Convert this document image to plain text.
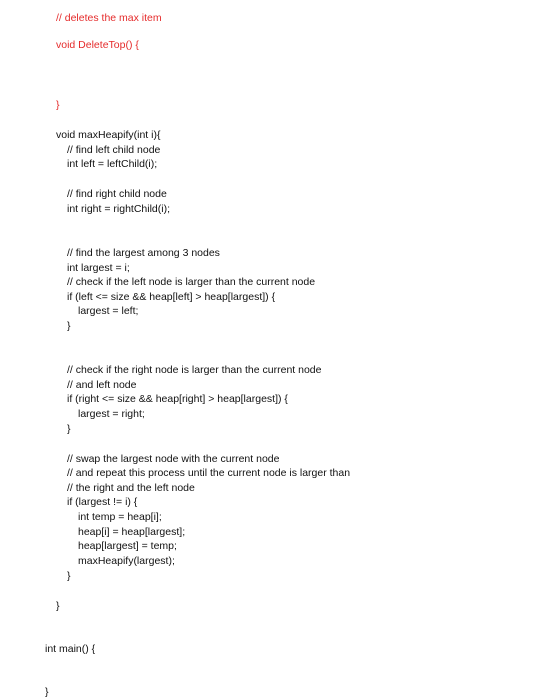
// deletes the max item
void DeleteTop() {
}
void maxHeapify(int i){
// find left child node
int left = leftChild(i);
// find right child node
int right = rightChild(i);
// find the largest among 3 nodes
int largest = i;
// check if the left node is larger than the current node
if (left <= size && heap[left] > heap[largest]) {
largest = left;
}
// check if the right node is larger than the current node
// and left node
if (right <= size && heap[right] > heap[largest]) {
largest = right;
}
// swap the largest node with the current node
// and repeat this process until the current node is larger than
// the right and the left node
if (largest != i) {
int temp = heap[i];
heap[i] = heap[largest];
heap[largest] = temp;
maxHeapify(largest);
}
}
int main() {
}
